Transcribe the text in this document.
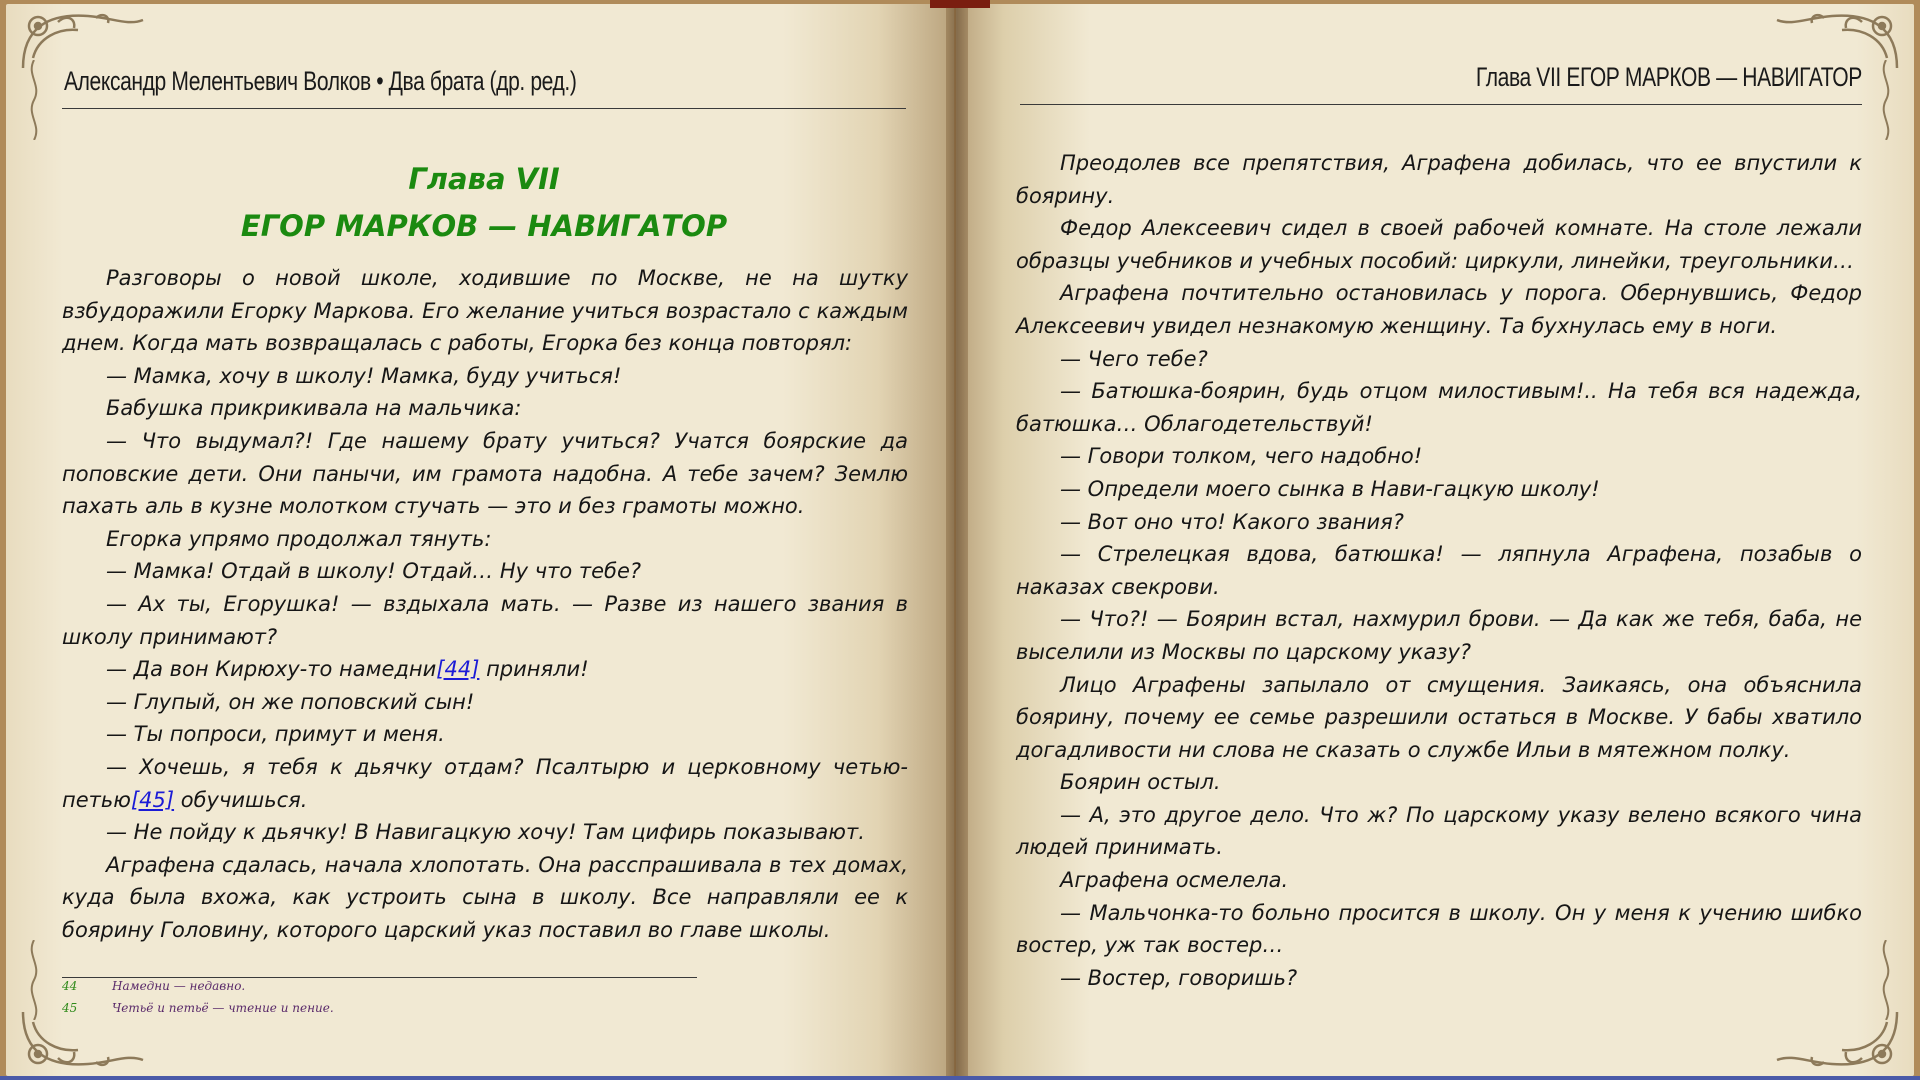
Александр Мелентьевич Волков • Два брата (др. ред.)
Глава VII
ЕГОР МАРКОВ — НАВИГАТОР

Разговоры о новой школе, ходившие по Москве, не на шутку взбудоражили Егорку Маркова. Его желание учиться возрастало с каждым днем. Когда мать возвращалась с работы, Егорка без конца повторял:

— Мамка, хочу в школу! Мамка, буду учиться!

Бабушка прикрикивала на мальчика:

— Что выдумал?! Где нашему брату учиться? Учатся боярские да поповские дети. Они панычи, им грамота надобна. А тебе зачем? Землю пахать аль в кузне молотком стучать — это и без грамоты можно.

Егорка упрямо продолжал тянуть:

— Мамка! Отдай в школу! Отдай… Ну что тебе?

— Ах ты, Егорушка! — вздыхала мать. — Разве из нашего звания в школу принимают?

— Да вон Кирюху-то намедни[44] приняли!

— Глупый, он же поповский сын!

— Ты попроси, примут и меня.

— Хочешь, я тебя к дьячку отдам? Псалтырю и церковному четью-петью[45] обучишься.

— Не пойду к дьячку! В Навигацкую хочу! Там цифирь показывают.

Аграфена сдалась, начала хлопотать. Она расспрашивала в тех домах, куда была вхожа, как устроить сына в школу. Все направляли ее к боярину Головину, которого царский указ поставил во главе школы.

44	Намедни — недавно.
45	Четьё и петьё — чтение и пение.
Глава VII ЕГОР МАРКОВ — НАВИГАТОР

Преодолев все препятствия, Аграфена добилась, что ее впустили к боярину.

Федор Алексеевич сидел в своей рабочей комнате. На столе лежали образцы учебников и учебных пособий: циркули, линейки, треугольники…

Аграфена почтительно остановилась у порога. Обернувшись, Федор Алексеевич увидел незнакомую женщину. Та бухнулась ему в ноги.

— Чего тебе?

— Батюшка-боярин, будь отцом милостивым!.. На тебя вся надежда, батюшка… Облагодетельствуй!

— Говори толком, чего надобно!

— Определи моего сынка в Нави-гацкую школу!

— Вот оно что! Какого звания?

— Стрелецкая вдова, батюшка! — ляпнула Аграфена, позабыв о наказах свекрови.

— Что?! — Боярин встал, нахмурил брови. — Да как же тебя, баба, не выселили из Москвы по царскому указу?

Лицо Аграфены запылало от смущения. Заикаясь, она объяснила боярину, почему ее семье разрешили остаться в Москве. У бабы хватило догадливости ни слова не сказать о службе Ильи в мятежном полку.

Боярин остыл.

— А, это другое дело. Что ж? По царскому указу велено всякого чина людей принимать.

Аграфена осмелела.

— Мальчонка-то больно просится в школу. Он у меня к учению шибко востер, уж так востер…

— Востер, говоришь?
